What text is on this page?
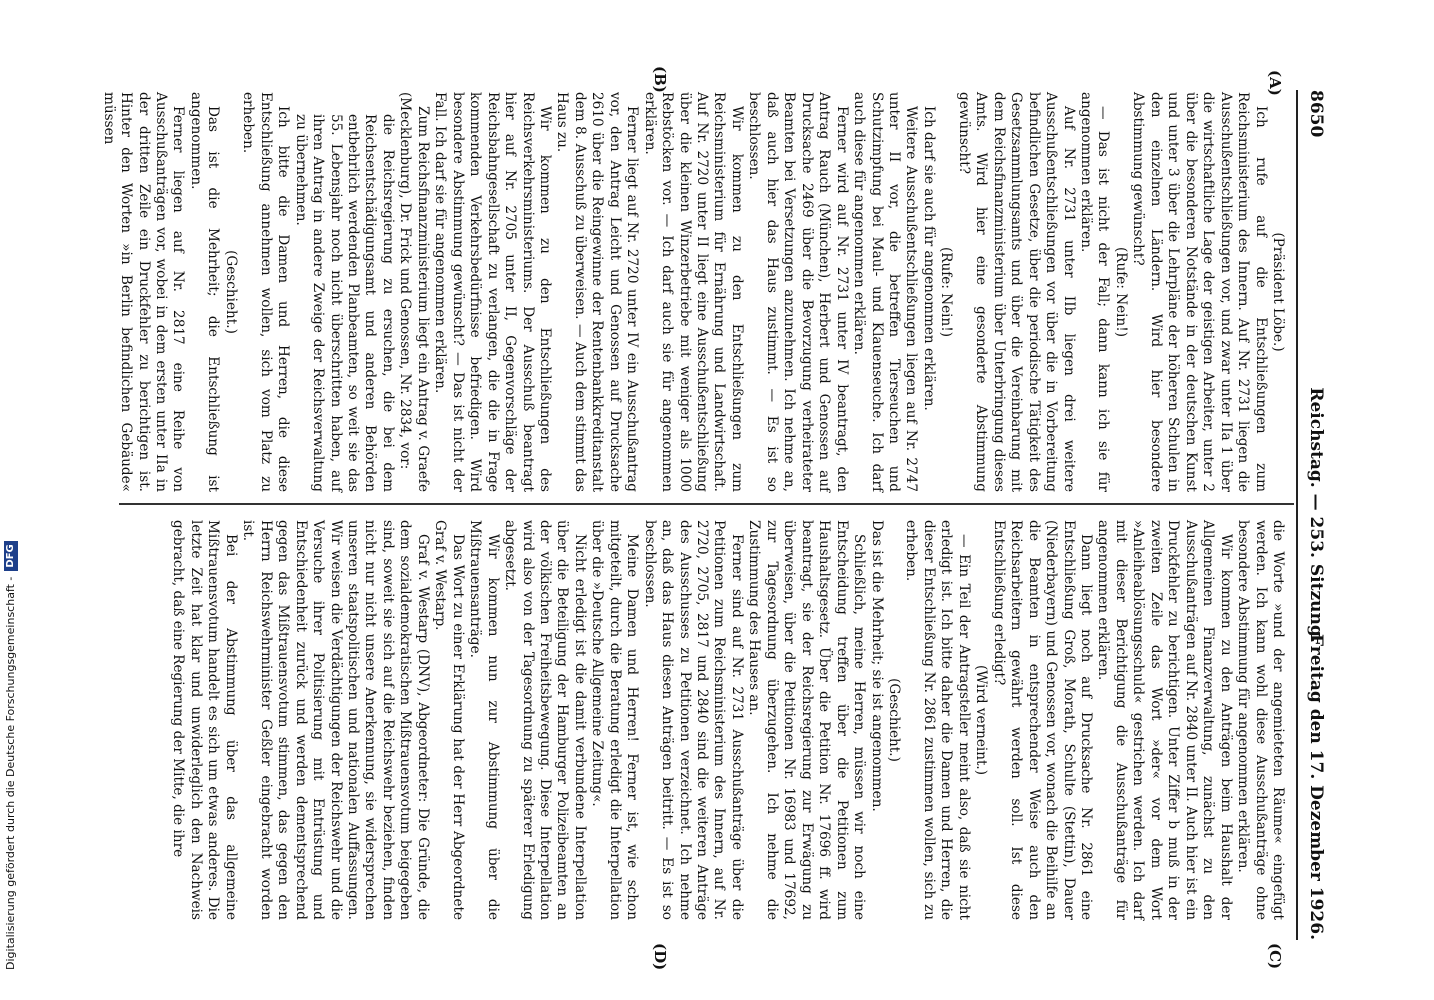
8650
Reichstag. — 253. Sitzung.
Freitag den 17. Dezember 1926.
(A)
(B)
(C)
(D)

(Präsident Löbe.)

Ich rufe auf die Entschließungen zum Reichsministerium des Innern. Auf Nr. 2731 liegen die Ausschußentschließungen vor, und zwar unter IIa 1 über die wirtschaftliche Lage der geistigen Arbeiter, unter 2 über die besonderen Notstände in der deutschen Kunst und unter 3 über die Lehrpläne der höheren Schulen in den einzelnen Ländern. Wird hier besondere Abstimmung gewünscht?

(Rufe: Nein!)

— Das ist nicht der Fall; dann kann ich sie für angenommen erklären.

Auf Nr. 2731 unter IIb liegen drei weitere Ausschußentschließungen vor über die in Vorbereitung befindlichen Gesetze, über die periodische Tätigkeit des Gesetzsammlungsamts und über die Vereinbarung mit dem Reichsfinanzministerium über Unterbringung dieses Amts. Wird hier eine gesonderte Abstimmung gewünscht?

(Rufe: Nein!)

Ich darf sie auch für angenommen erklären.

Weitere Ausschußentschließungen liegen auf Nr. 2747 unter II vor, die betreffen Tierseuchen und Schutzimpfung bei Maul- und Klauenseuche. Ich darf auch diese für angenommen erklären.

Ferner wird auf Nr. 2731 unter IV beantragt, den Antrag Rauch (München), Herbert und Genossen auf Drucksache 2469 über die Bevorzugung verheirateter Beamten bei Versetzungen anzunehmen. Ich nehme an, daß auch hier das Haus zustimmt. — Es ist so beschlossen.

Wir kommen zu den Entschließungen zum Reichsministerium für Ernährung und Landwirtschaft. Auf Nr. 2720 unter II liegt eine Ausschußentschließung über die kleinen Winzerbetriebe mit weniger als 1000 Rebstöcken vor. — Ich darf auch sie für angenommen erklären.

Ferner liegt auf Nr. 2720 unter IV ein Ausschußantrag vor, den Antrag Leicht und Genossen auf Drucksache 2610 über die Reingewinne der Rentenbankkreditanstalt dem 8. Ausschuß zu überweisen. — Auch dem stimmt das Haus zu.

Wir kommen zu den Entschließungen des Reichsverkehrsministeriums. Der Ausschuß beantragt hier auf Nr. 2705 unter II, Gegenvorschläge der Reichsbahngesellschaft zu verlangen, die die in Frage kommenden Verkehrsbedürfnisse befriedigen. Wird besondere Abstimmung gewünscht? — Das ist nicht der Fall. Ich darf sie für angenommen erklären.

Zum Reichsfinanzministerium liegt ein Antrag v. Graefe (Mecklenburg), Dr. Frick und Genossen, Nr. 2834, vor:

die Reichsregierung zu ersuchen, die bei dem Reichsentschädigungsamt und anderen Behörden entbehrlich werdenden Planbeamten, so weit sie das 55. Lebensjahr noch nicht überschritten haben, auf ihren Antrag in andere Zweige der Reichsverwaltung zu übernehmen.

Ich bitte die Damen und Herren, die diese Entschließung annehmen wollen, sich vom Platz zu erheben.

(Geschieht.)

Das ist die Mehrheit; die Entschließung ist angenommen.

Ferner liegen auf Nr. 2817 eine Reihe von Ausschußanträgen vor, wobei in dem ersten unter IIa in der dritten Zeile ein Druckfehler zu berichtigen ist. Hinter den Worten »in Berlin befindlichen Gebäude« müssen

die Worte »und der angemieteten Räume« eingefügt werden. Ich kann wohl diese Ausschußanträge ohne besondere Abstimmung für angenommen erklären.

Wir kommen zu den Anträgen beim Haushalt der Allgemeinen Finanzverwaltung, zunächst zu den Ausschußanträgen auf Nr. 2840 unter II. Auch hier ist ein Druckfehler zu berichtigen. Unter Ziffer b muß in der zweiten Zeile das Wort »der« vor dem Wort »Anleiheablösungsschuld« gestrichen werden. Ich darf mit dieser Berichtigung die Ausschußanträge für angenommen erklären.

Dann liegt noch auf Drucksache Nr. 2861 eine Entschließung Groß, Morath, Schulte (Stettin), Dauer (Niederbayern) und Genossen vor, wonach die Beihilfe an die Beamten in entsprechender Weise auch den Reichsarbeitern gewährt werden soll. Ist diese Entschließung erledigt?

(Wird verneint.)

— Ein Teil der Antragsteller meint also, daß sie nicht erledigt ist. Ich bitte daher die Damen und Herren, die dieser Entschließung Nr. 2861 zustimmen wollen, sich zu erheben.

(Geschieht.)

Das ist die Mehrheit; sie ist angenommen.

Schließlich, meine Herren, müssen wir noch eine Entscheidung treffen über die Petitionen zum Haushaltsgesetz. Über die Petition Nr. 17696 ff. wird beantragt, sie der Reichsregierung zur Erwägung zu überweisen, über die Petitionen Nr. 16983 und 17692, zur Tagesordnung überzugehen. Ich nehme die Zustimmung des Hauses an.

Ferner sind auf Nr. 2731 Ausschußanträge über die Petitionen zum Reichsministerium des Innern, auf Nr. 2720, 2705, 2817 und 2840 sind die weiteren Anträge des Ausschusses zu Petitionen verzeichnet. Ich nehme an, daß das Haus diesen Anträgen beitritt. — Es ist so beschlossen.

Meine Damen und Herren! Ferner ist, wie schon mitgeteilt, durch die Beratung erledigt die Interpellation über die »Deutsche Allgemeine Zeitung«.

Nicht erledigt ist die damit verbundene Interpellation über die Beteiligung der Hamburger Polizeibeamten an der völkischen Freiheitsbewegung. Diese Interpellation wird also von der Tagesordnung zu späterer Erledigung abgesetzt.

Wir kommen nun zur Abstimmung über die Mißtrauensanträge.

Das Wort zu einer Erklärung hat der Herr Abgeordnete Graf v. Westarp.

Graf v. Westarp (DNV), Abgeordneter: Die Gründe, die dem sozialdemokratischen Mißtrauensvotum beigegeben sind, soweit sie sich auf die Reichswehr beziehen, finden nicht nur nicht unsere Anerkennung, sie widersprechen unseren staatspolitischen und nationalen Auffassungen. Wir weisen die Verdächtigungen der Reichswehr und die Versuche ihrer Politisierung mit Entrüstung und Entschiedenheit zurück und werden dementsprechend gegen das Mißtrauensvotum stimmen, das gegen den Herrn Reichswehrminister Geßler eingebracht worden ist.

Bei der Abstimmung über das allgemeine Mißtrauensvotum handelt es sich um etwas anderes. Die letzte Zeit hat klar und unwiderleglich den Nachweis gebracht, daß eine Regierung der Mitte, die ihre

Digitalisierung gefördert durch die Deutsche Forschungsgemeinschaft -DFG
